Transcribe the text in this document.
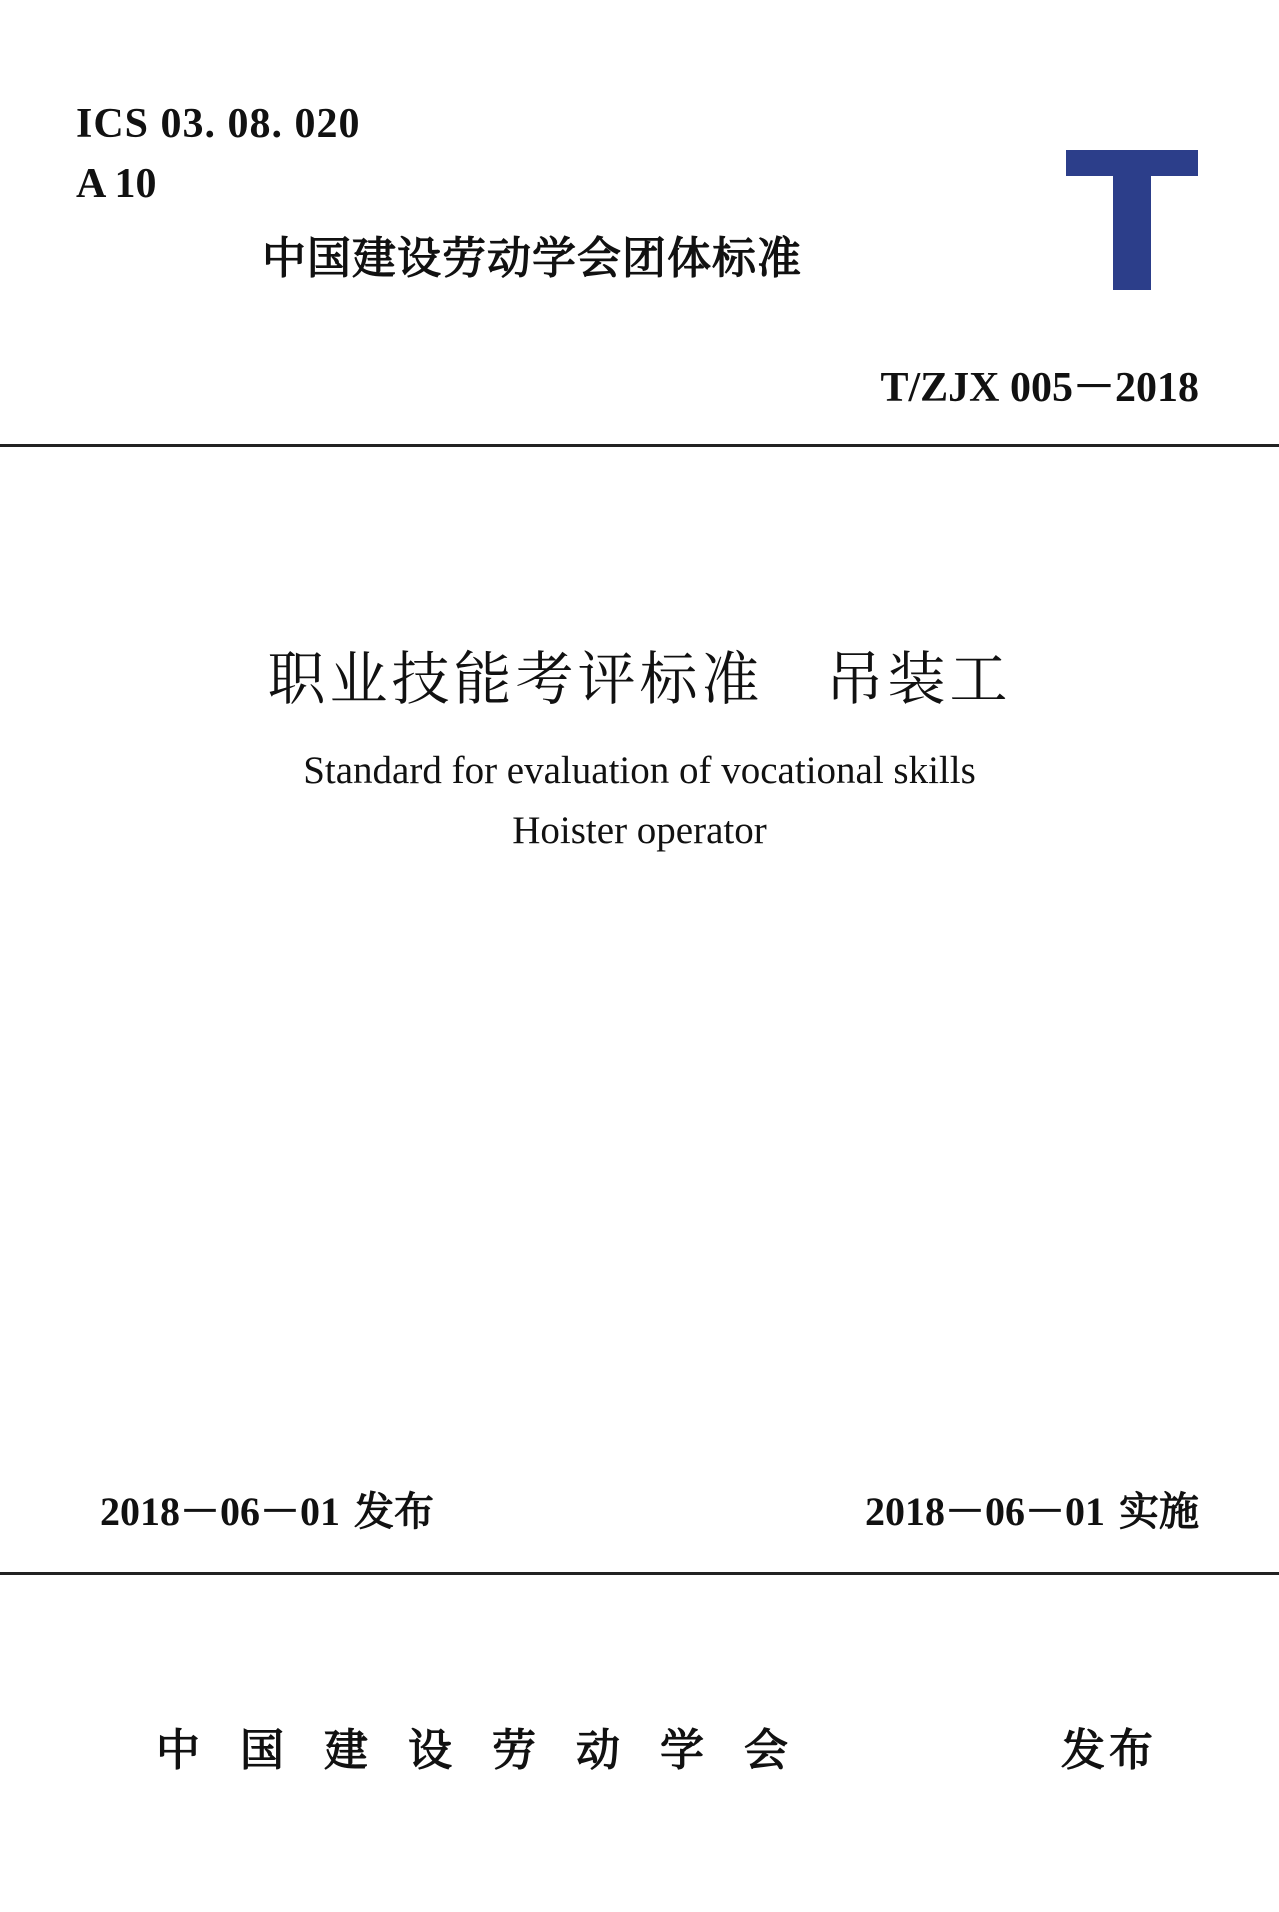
ICS 03. 08. 020
A 10
中国建设劳动学会团体标准
T/ZJX 005－2018
职业技能考评标准　吊装工
Standard for evaluation of vocational skills
Hoister operator
2018－06－01 发布	2018－06－01 实施
中国建设劳动学会	发布
